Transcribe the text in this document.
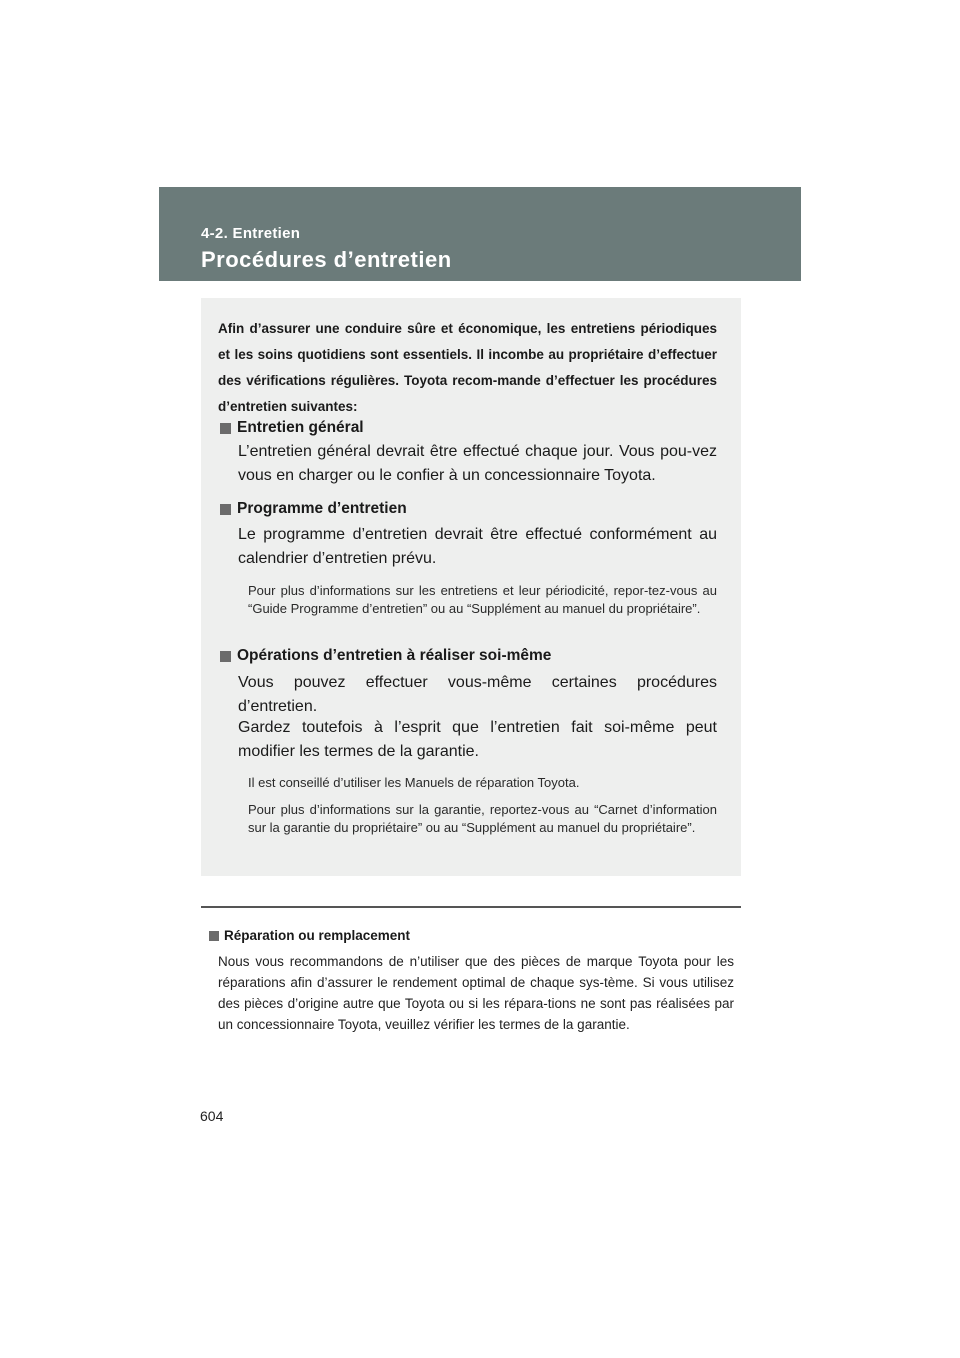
4-2. Entretien
Procédures d’entretien
Afin d’assurer une conduire sûre et économique, les entretiens périodiques et les soins quotidiens sont essentiels. Il incombe au propriétaire d’effectuer des vérifications régulières. Toyota recom-mande d’effectuer les procédures d’entretien suivantes:
Entretien général
L’entretien général devrait être effectué chaque jour. Vous pou-vez vous en charger ou le confier à un concessionnaire Toyota.
Programme d’entretien
Le programme d’entretien devrait être effectué conformément au calendrier d’entretien prévu.
Pour plus d’informations sur les entretiens et leur périodicité, repor-tez-vous au “Guide Programme d’entretien” ou au “Supplément au manuel du propriétaire”.
Opérations d’entretien à réaliser soi-même
Vous pouvez effectuer vous-même certaines procédures d’entretien.
Gardez toutefois à l’esprit que l’entretien fait soi-même peut modifier les termes de la garantie.
Il est conseillé d’utiliser les Manuels de réparation Toyota.
Pour plus d’informations sur la garantie, reportez-vous au “Carnet d’information sur la garantie du propriétaire” ou au “Supplément au manuel du propriétaire”.
Réparation ou remplacement
Nous vous recommandons de n’utiliser que des pièces de marque Toyota pour les réparations afin d’assurer le rendement optimal de chaque sys-tème. Si vous utilisez des pièces d’origine autre que Toyota ou si les répara-tions ne sont pas réalisées par un concessionnaire Toyota, veuillez vérifier les termes de la garantie.
604
